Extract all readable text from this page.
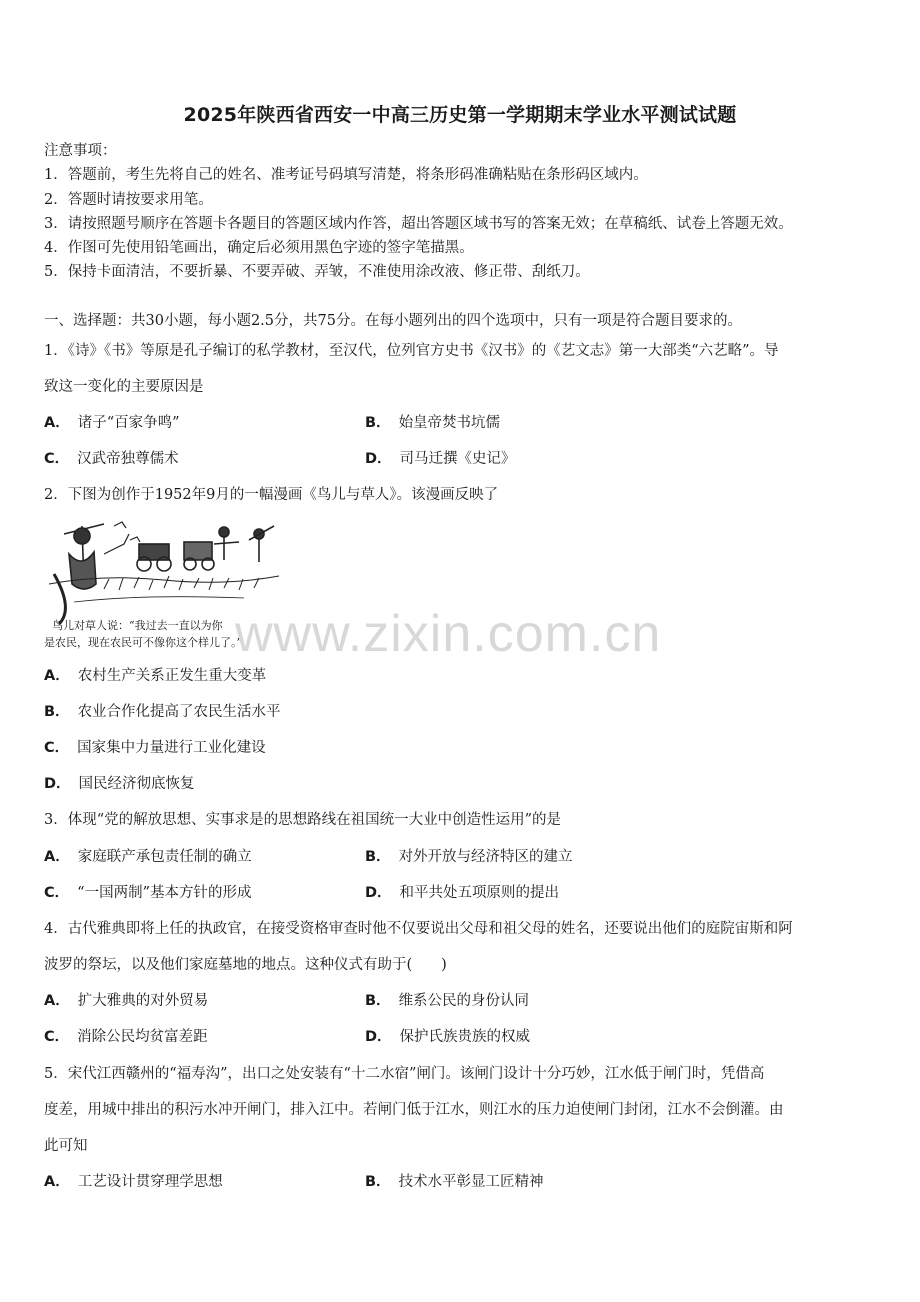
2025年陕西省西安一中高三历史第一学期期末学业水平测试试题
注意事项：
1．答题前，考生先将自己的姓名、准考证号码填写清楚，将条形码准确粘贴在条形码区域内。
2．答题时请按要求用笔。
3．请按照题号顺序在答题卡各题目的答题区域内作答，超出答题区域书写的答案无效；在草稿纸、试卷上答题无效。
4．作图可先使用铅笔画出，确定后必须用黑色字迹的签字笔描黑。
5．保持卡面清洁，不要折暴、不要弄破、弄皱，不准使用涂改液、修正带、刮纸刀。
一、选择题：共30小题，每小题2.5分，共75分。在每小题列出的四个选项中，只有一项是符合题目要求的。
1．《诗》《书》等原是孔子编订的私学教材，至汉代，位列官方史书《汉书》的《艺文志》第一大部类“六艺略”。导
致这一变化的主要原因是
A． 诸子“百家争鸣”	B． 始皇帝焚书坑儒
C． 汉武帝独尊儒术	D． 司马迁撰《史记》
2．下图为创作于1952年9月的一幅漫画《鸟儿与草人》。该漫画反映了
鸟儿对草人说：“我过去一直以为你
是农民，现在农民可不像你这个样儿了。”
www.zixin.com.cn
A． 农村生产关系正发生重大变革
B． 农业合作化提高了农民生活水平
C． 国家集中力量进行工业化建设
D． 国民经济彻底恢复
3．体现“党的解放思想、实事求是的思想路线在祖国统一大业中创造性运用”的是
A． 家庭联产承包责任制的确立	B． 对外开放与经济特区的建立
C． “一国两制”基本方针的形成	D． 和平共处五项原则的提出
4．古代雅典即将上任的执政官，在接受资格审查时他不仅要说出父母和祖父母的姓名，还要说出他们的庭院宙斯和阿
波罗的祭坛，以及他们家庭墓地的地点。这种仪式有助于(　　)
A． 扩大雅典的对外贸易	B． 维系公民的身份认同
C． 消除公民均贫富差距	D． 保护氏族贵族的权威
5．宋代江西赣州的“福寿沟”，出口之处安装有“十二水宿”闸门。该闸门设计十分巧妙，江水低于闸门时，凭借高
度差，用城中排出的积污水冲开闸门，排入江中。若闸门低于江水，则江水的压力迫使闸门封闭，江水不会倒灌。由
此可知
A． 工艺设计贯穿理学思想	B． 技术水平彰显工匠精神
